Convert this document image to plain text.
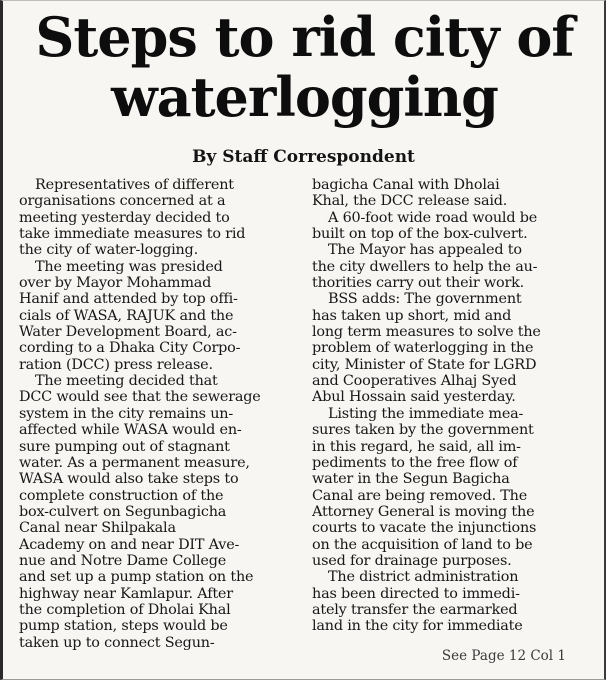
Steps to rid city of
waterlogging
By Staff Correspondent
Representatives of different
organisations concerned at a
meeting yesterday decided to
take immediate measures to rid
the city of water-logging.
The meeting was presided
over by Mayor Mohammad
Hanif and attended by top offi-
cials of WASA, RAJUK and the
Water Development Board, ac-
cording to a Dhaka City Corpo-
ration (DCC) press release.
The meeting decided that
DCC would see that the sewerage
system in the city remains un-
affected while WASA would en-
sure pumping out of stagnant
water. As a permanent measure,
WASA would also take steps to
complete construction of the
box-culvert on Segunbagicha
Canal near Shilpakala
Academy on and near DIT Ave-
nue and Notre Dame College
and set up a pump station on the
highway near Kamlapur. After
the completion of Dholai Khal
pump station, steps would be
taken up to connect Segun-
bagicha Canal with Dholai
Khal, the DCC release said.
A 60-foot wide road would be
built on top of the box-culvert.
The Mayor has appealed to
the city dwellers to help the au-
thorities carry out their work.
BSS adds: The government
has taken up short, mid and
long term measures to solve the
problem of waterlogging in the
city, Minister of State for LGRD
and Cooperatives Alhaj Syed
Abul Hossain said yesterday.
Listing the immediate mea-
sures taken by the government
in this regard, he said, all im-
pediments to the free flow of
water in the Segun Bagicha
Canal are being removed. The
Attorney General is moving the
courts to vacate the injunctions
on the acquisition of land to be
used for drainage purposes.
The district administration
has been directed to immedi-
ately transfer the earmarked
land in the city for immediate
See Page 12 Col 1
